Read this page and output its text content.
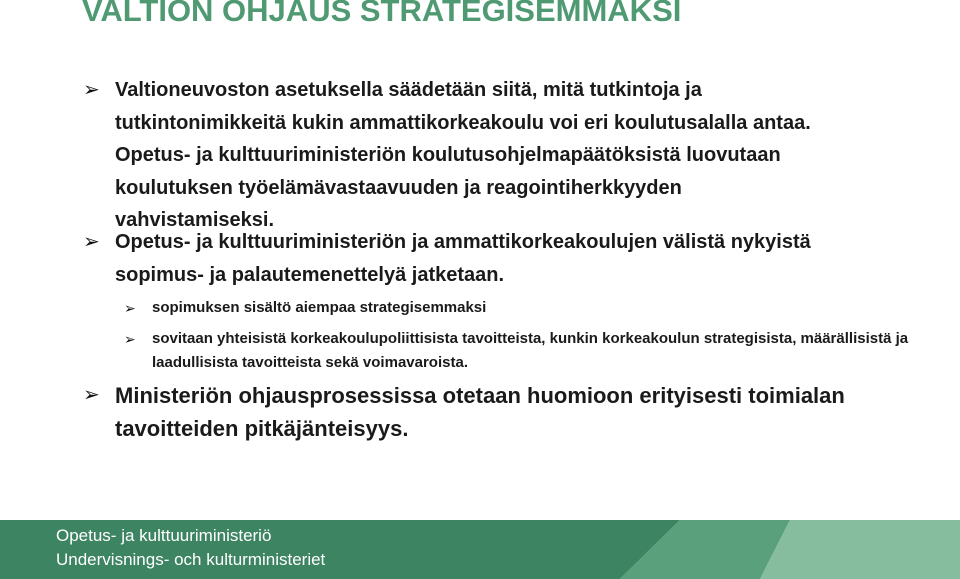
VALTION OHJAUS STRATEGISEMMAKSI

➢ Valtioneuvoston asetuksella säädetään siitä, mitä tutkintoja ja tutkintonimikkeitä kukin ammattikorkeakoulu voi eri koulutusalalla antaa. Opetus- ja kulttuuriministeriön koulutusohjelmapäätöksistä luovutaan koulutuksen työelämävastaavuuden ja reagointiherkkyyden vahvistamiseksi.

➢ Opetus- ja kulttuuriministeriön ja ammattikorkeakoulujen välistä nykyistä sopimus- ja palautemenettelyä jatketaan.

➢ sopimuksen sisältö aiempaa strategisemmaksi

➢ sovitaan yhteisistä korkeakoulupoliittisista tavoitteista, kunkin korkeakoulun strategisista, määrällisistä ja laadullisista tavoitteista sekä voimavaroista.

➢ Ministeriön ohjausprosessissa otetaan huomioon erityisesti toimialan tavoitteiden pitkäjänteisyys.

Opetus- ja kulttuuriministeriö

Undervisnings- och kulturministeriet
